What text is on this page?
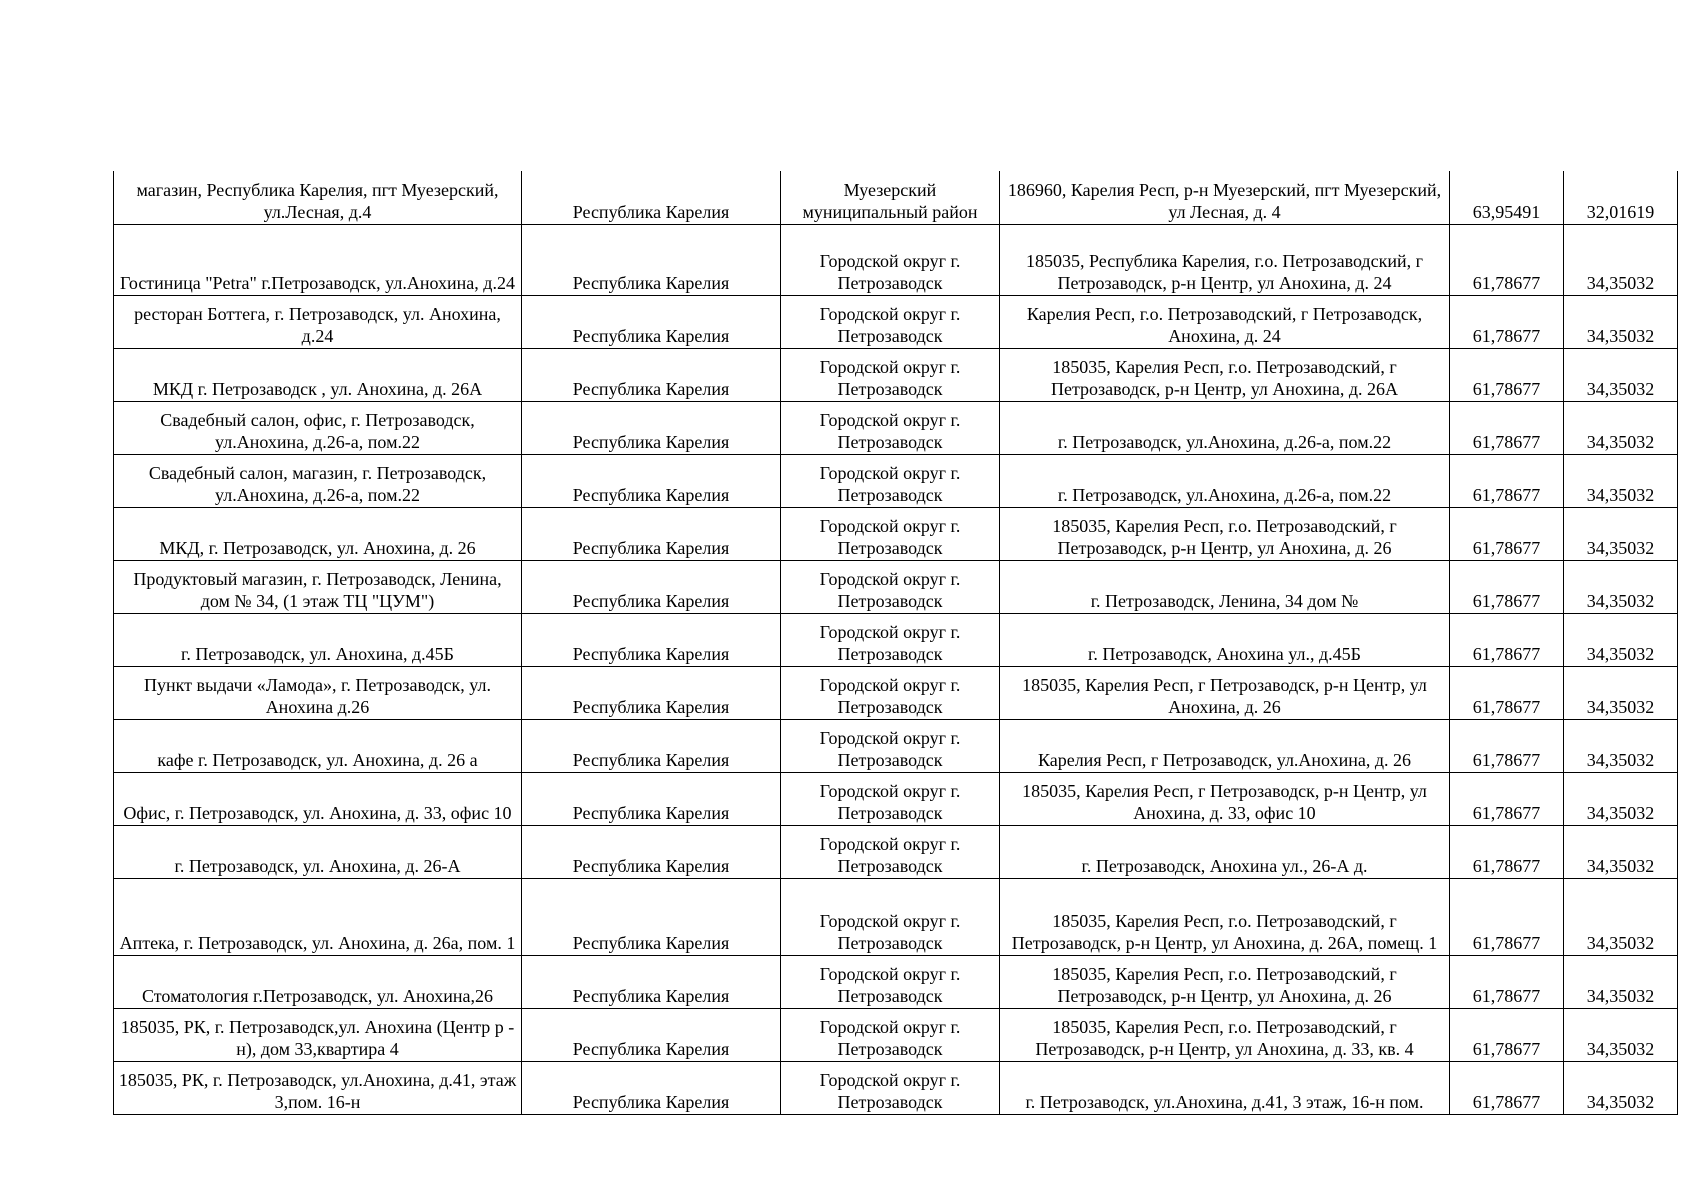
магазин, Республика Карелия, пгт Муезерский, ул.Лесная, д.4	Республика Карелия	Муезерский муниципальный район	186960, Карелия Респ, р-н Муезерский, пгт Муезерский, ул Лесная, д. 4	63,95491	32,01619
Гостиница "Petra" г.Петрозаводск, ул.Анохина, д.24	Республика Карелия	Городской округ г. Петрозаводск	185035, Республика Карелия, г.о. Петрозаводский, г Петрозаводск, р-н Центр, ул Анохина, д. 24	61,78677	34,35032
ресторан Боттега, г. Петрозаводск, ул. Анохина, д.24	Республика Карелия	Городской округ г. Петрозаводск	Карелия Респ, г.о. Петрозаводский, г Петрозаводск, Анохина, д. 24	61,78677	34,35032
МКД г. Петрозаводск , ул. Анохина, д. 26А	Республика Карелия	Городской округ г. Петрозаводск	185035, Карелия Респ, г.о. Петрозаводский, г Петрозаводск, р-н Центр, ул Анохина, д. 26А	61,78677	34,35032
Свадебный салон, офис, г. Петрозаводск, ул.Анохина, д.26-а, пом.22	Республика Карелия	Городской округ г. Петрозаводск	г. Петрозаводск, ул.Анохина, д.26-а, пом.22	61,78677	34,35032
Свадебный салон, магазин, г. Петрозаводск, ул.Анохина, д.26-а, пом.22	Республика Карелия	Городской округ г. Петрозаводск	г. Петрозаводск, ул.Анохина, д.26-а, пом.22	61,78677	34,35032
МКД, г. Петрозаводск, ул. Анохина, д. 26	Республика Карелия	Городской округ г. Петрозаводск	185035, Карелия Респ, г.о. Петрозаводский, г Петрозаводск, р-н Центр, ул Анохина, д. 26	61,78677	34,35032
Продуктовый магазин, г. Петрозаводск, Ленина, дом № 34, (1 этаж ТЦ "ЦУМ")	Республика Карелия	Городской округ г. Петрозаводск	г. Петрозаводск, Ленина, 34 дом №	61,78677	34,35032
г. Петрозаводск, ул. Анохина, д.45Б	Республика Карелия	Городской округ г. Петрозаводск	г. Петрозаводск, Анохина ул., д.45Б	61,78677	34,35032
Пункт выдачи «Ламода», г. Петрозаводск, ул. Анохина д.26	Республика Карелия	Городской округ г. Петрозаводск	185035, Карелия Респ, г Петрозаводск, р-н Центр, ул Анохина, д. 26	61,78677	34,35032
кафе г. Петрозаводск, ул. Анохина, д. 26 а	Республика Карелия	Городской округ г. Петрозаводск	Карелия Респ, г Петрозаводск, ул.Анохина, д. 26	61,78677	34,35032
Офис, г. Петрозаводск, ул. Анохина, д. 33, офис 10	Республика Карелия	Городской округ г. Петрозаводск	185035, Карелия Респ, г Петрозаводск, р-н Центр, ул Анохина, д. 33, офис 10	61,78677	34,35032
г. Петрозаводск, ул. Анохина, д. 26-А	Республика Карелия	Городской округ г. Петрозаводск	г. Петрозаводск, Анохина ул., 26-А д.	61,78677	34,35032
Аптека, г. Петрозаводск, ул. Анохина, д. 26а, пом. 1	Республика Карелия	Городской округ г. Петрозаводск	185035, Карелия Респ, г.о. Петрозаводский, г Петрозаводск, р-н Центр, ул Анохина, д. 26А, помещ. 1	61,78677	34,35032
Стоматология г.Петрозаводск, ул. Анохина,26	Республика Карелия	Городской округ г. Петрозаводск	185035, Карелия Респ, г.о. Петрозаводский, г Петрозаводск, р-н Центр, ул Анохина, д. 26	61,78677	34,35032
185035, РК, г. Петрозаводск,ул. Анохина (Центр р - н), дом 33,квартира 4	Республика Карелия	Городской округ г. Петрозаводск	185035, Карелия Респ, г.о. Петрозаводский, г Петрозаводск, р-н Центр, ул Анохина, д. 33, кв. 4	61,78677	34,35032
185035, РК, г. Петрозаводск, ул.Анохина, д.41, этаж 3,пом. 16-н	Республика Карелия	Городской округ г. Петрозаводск	г. Петрозаводск, ул.Анохина, д.41, 3 этаж, 16-н пом.	61,78677	34,35032
